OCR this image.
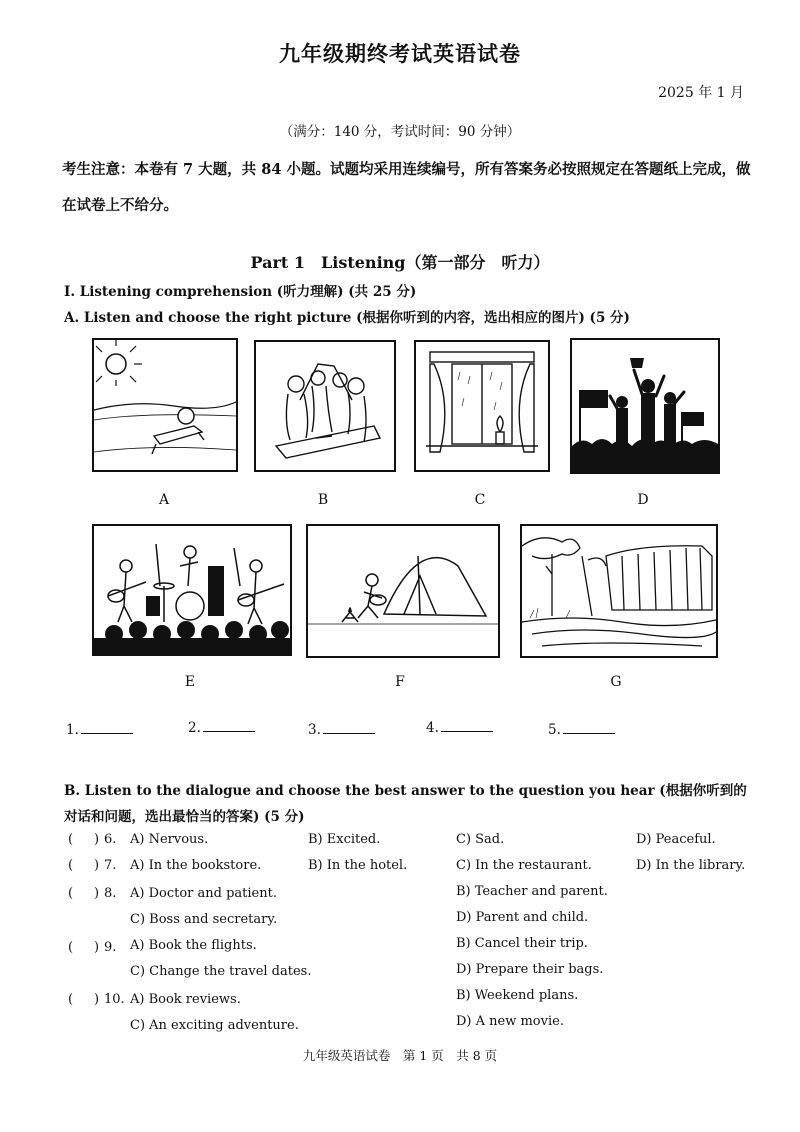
九年级期终考试英语试卷
2025 年 1 月
（满分：140 分，考试时间：90 分钟）
考生注意：本卷有 7 大题，共 84 小题。试题均采用连续编号，所有答案务必按照规定在答题纸上完成，做在试卷上不给分。
Part 1　Listening（第一部分　听力）
I. Listening comprehension (听力理解) (共 25 分)
A. Listen and choose the right picture (根据你听到的内容，选出相应的图片) (5 分)
A	B	C	D
E	F	G
1.	2.	3.	4.	5.
B. Listen to the dialogue and choose the best answer to the question you hear (根据你听到的对话和问题，选出最恰当的答案) (5 分)
( ) 6. A) Nervous.	B) Excited.	C) Sad.	D) Peaceful.
( ) 7. A) In the bookstore.	B) In the hotel.	C) In the restaurant.	D) In the library.
( ) 8. A) Doctor and patient.	B) Teacher and parent.
C) Boss and secretary.	D) Parent and child.
( ) 9. A) Book the flights.	B) Cancel their trip.
C) Change the travel dates.	D) Prepare their bags.
( ) 10. A) Book reviews.	B) Weekend plans.
C) An exciting adventure.	D) A new movie.
九年级英语试卷　第 1 页　共 8 页
